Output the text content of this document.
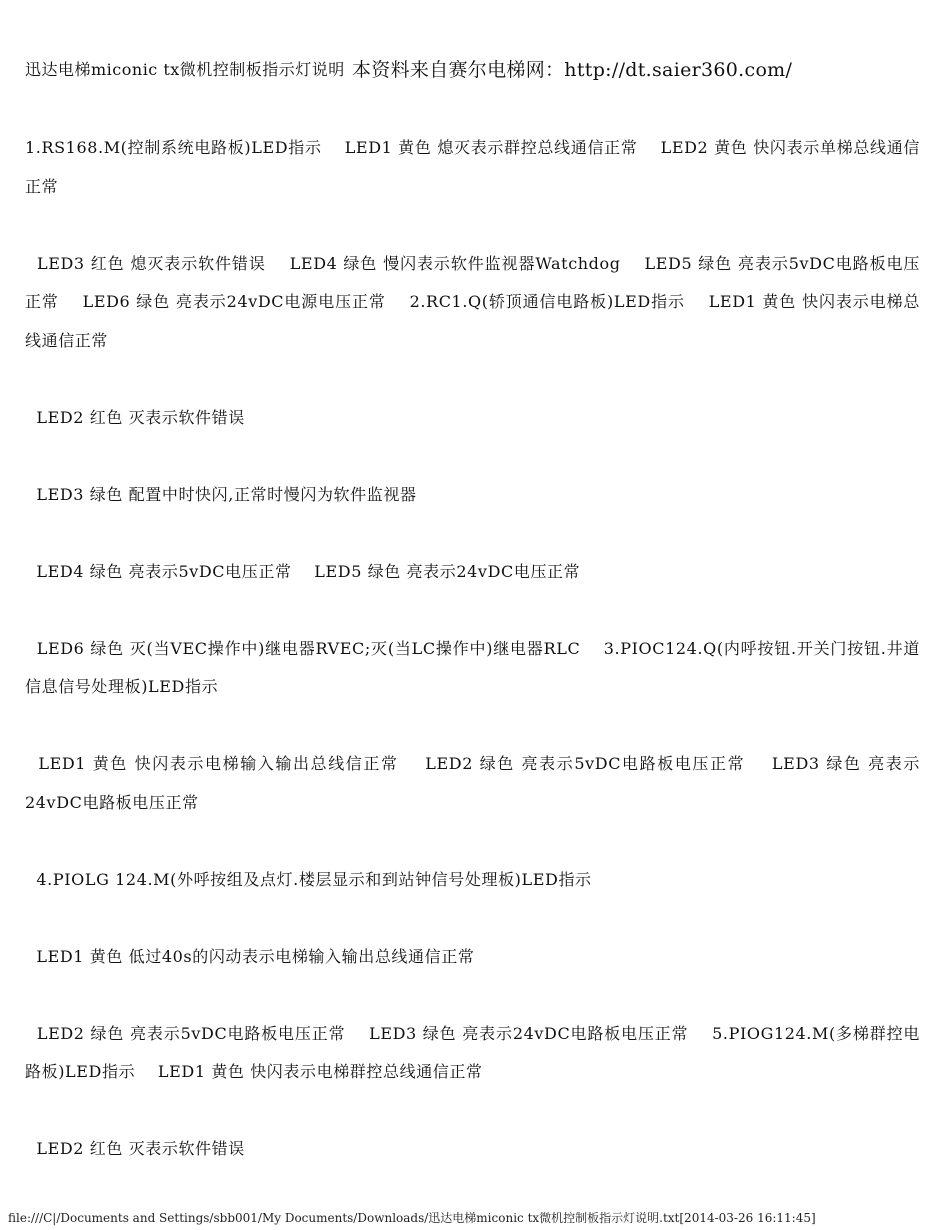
迅达电梯miconic tx微机控制板指示灯说明 本资料来自赛尔电梯网：http://dt.saier360.com/

1.RS168.M(控制系统电路板)LED指示    LED1 黄色 熄灭表示群控总线通信正常    LED2 黄色 快闪表示单梯总线通信正常

LED3 红色 熄灭表示软件错误    LED4 绿色 慢闪表示软件监视器Watchdog    LED5 绿色 亮表示5vDC电路板电压正常    LED6 绿色 亮表示24vDC电源电压正常    2.RC1.Q(轿顶通信电路板)LED指示    LED1 黄色 快闪表示电梯总线通信正常

LED2 红色 灭表示软件错误

LED3 绿色 配置中时快闪,正常时慢闪为软件监视器

LED4 绿色 亮表示5vDC电压正常    LED5 绿色 亮表示24vDC电压正常

LED6 绿色 灭(当VEC操作中)继电器RVEC;灭(当LC操作中)继电器RLC    3.PIOC124.Q(内呼按钮.开关门按钮.井道信息信号处理板)LED指示

LED1 黄色 快闪表示电梯输入输出总线信正常    LED2 绿色 亮表示5vDC电路板电压正常    LED3 绿色 亮表示24vDC电路板电压正常

4.PIOLG 124.M(外呼按组及点灯.楼层显示和到站钟信号处理板)LED指示

LED1 黄色 低过40s的闪动表示电梯输入输出总线通信正常

LED2 绿色 亮表示5vDC电路板电压正常    LED3 绿色 亮表示24vDC电路板电压正常    5.PIOG124.M(多梯群控电路板)LED指示    LED1 黄色 快闪表示电梯群控总线通信正常

LED2 红色 灭表示软件错误

file:///C|/Documents and Settings/sbb001/My Documents/Downloads/迅达电梯miconic tx微机控制板指示灯说明.txt[2014-03-26 16:11:45]
